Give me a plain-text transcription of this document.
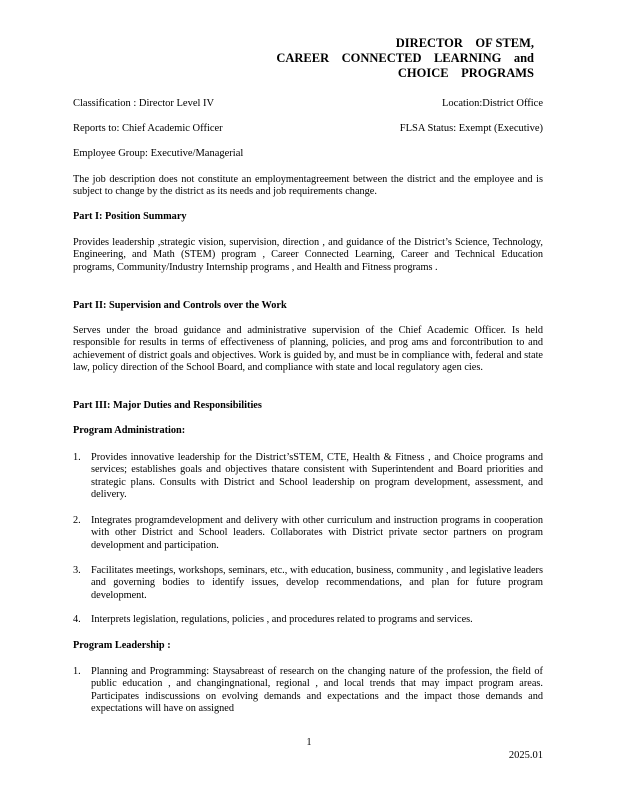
DIRECTOR    OF STEM,
CAREER    CONNECTED    LEARNING    and
CHOICE    PROGRAMS
Classification : Director Level IV	Location:District Office
Reports to: Chief Academic Officer	FLSA Status: Exempt (Executive)
Employee Group: Executive/Managerial
The job description does not constitute an employmentagreement between the district and the employee and is subject to change by the district as its needs and job requirements change.
Part I: Position Summary
Provides leadership ,strategic vision, supervision, direction , and guidance of the District’s Science, Technology, Engineering, and Math (STEM) program , Career Connected Learning, Career and Technical Education programs, Community/Industry Internship programs , and Health and Fitness programs .
Part II: Supervision and Controls over the Work
Serves under the broad guidance and administrative supervision of the Chief Academic Officer. Is held responsible for results in terms of effectiveness of planning, policies, and prog ams and forcontribution to and achievement of district goals and objectives. Work is guided by, and must be in compliance with, federal and state law, policy direction of the School Board, and compliance with state and local regulatory agen cies.
Part III: Major Duties and Responsibilities
Program Administration:
1. Provides innovative leadership for the District’sSTEM, CTE, Health & Fitness , and Choice programs and services; establishes goals and objectives thatare consistent with Superintendent and Board priorities and strategic plans. Consults with District and School leadership on program development, assessment, and delivery.
2. Integrates programdevelopment and delivery with other curriculum and instruction programs in cooperation with other District and School leaders. Collaborates with District private sector partners on program development and participation.
3. Facilitates meetings, workshops, seminars, etc., with education, business, community , and legislative leaders and governing bodies to identify issues, develop recommendations, and plan for future program development.
4. Interprets legislation, regulations, policies , and procedures related to programs and services.
Program Leadership :
1. Planning and Programming: Staysabreast of research on the changing nature of the profession, the field of public education , and changingnational, regional , and local trends that may impact program areas. Participates indiscussions on evolving demands and expectations and the impact those demands and expectations will have on assigned
1
2025.01
